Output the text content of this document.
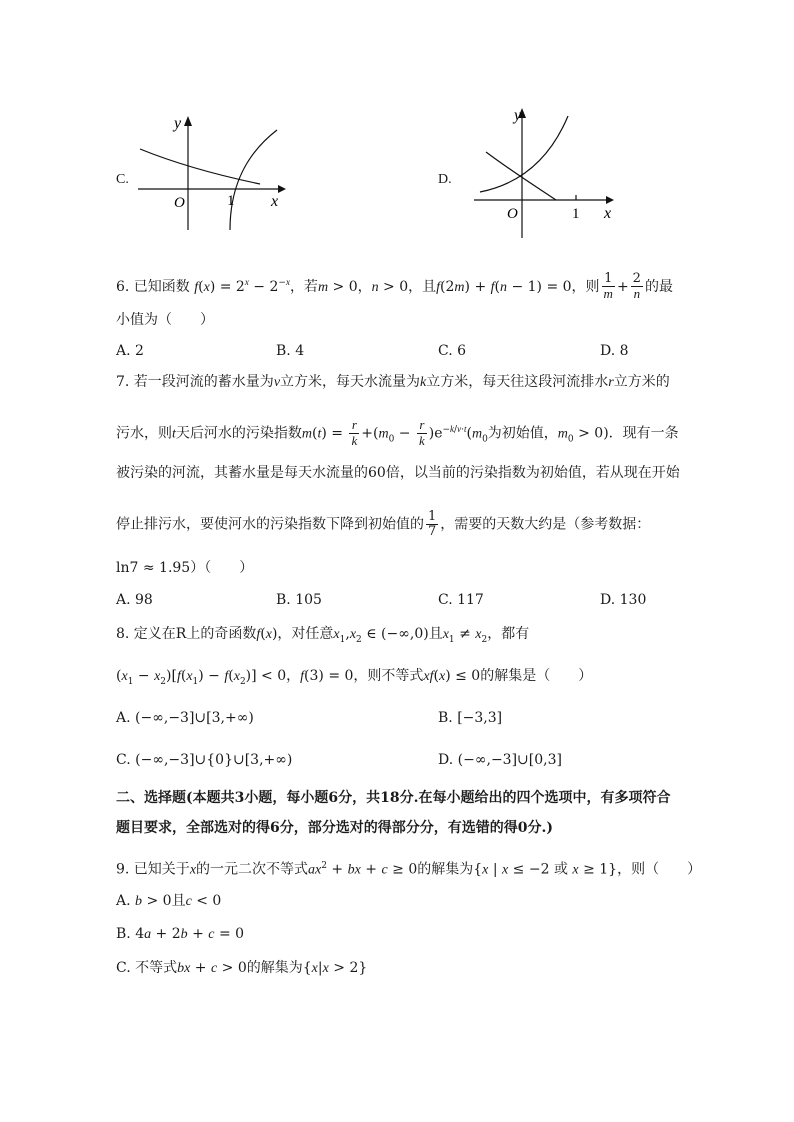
C.
y
x
O	1
D.
y
x
O	1
6. 已知函数 $f(x) = 2^x - 2^{-x}$，若m > 0，n > 0，且f(2m) + f(n − 1) = 0，则 $\frac{1}{m} + \frac{2}{n}$ 的最
小值为（　　）
A. 2	B. 4	C. 6	D. 8
7. 若一段河流的蓄水量为v立方米，每天水流量为k立方米，每天往这段河流排水r立方米的
污水，则t天后河水的污染指数$m(t) = \frac{r}{k} +(m_0 - \frac{r}{k} )e^{-k/v\cdot t}(m_0$为初始值，$m_0 > 0$)．现有一条
被污染的河流，其蓄水量是每天水流量的60倍，以当前的污染指数为初始值，若从现在开始
停止排污水，要使河水的污染指数下降到初始值的 $\frac{1}{7}$ ，需要的天数大约是（参考数据：
ln7 ≈ 1.95）（　　）
A. 98	B. 105	C. 117	D. 130
8. 定义在R上的奇函数f(x)，对任意$x_1,x_2$ ∈ (−∞,0)且$x_1 \ne x_2$，都有
$(x_1 - x_2)[f(x_1) - f(x_2)] < 0$，f(3) = 0，则不等式xf(x) ≤ 0的解集是（　　）
A. (−∞,−3]∪[3,+∞)	B. [−3,3]
C. (−∞,−3]∪{0}∪[3,+∞)	D. (−∞,−3]∪[0,3]
二、选择题(本题共3小题，每小题6分，共18分.在每小题给出的四个选项中，有多项符合
题目要求，全部选对的得6分，部分选对的得部分分，有选错的得0分.)
9. 已知关于x的一元二次不等式$ax^2$ + bx + c ≥ 0的解集为{x | x ≤ −2 或 x ≥ 1}，则（　　）
A. b > 0且c < 0
B. 4a + 2b + c = 0
C. 不等式bx + c > 0的解集为{x|x > 2}
